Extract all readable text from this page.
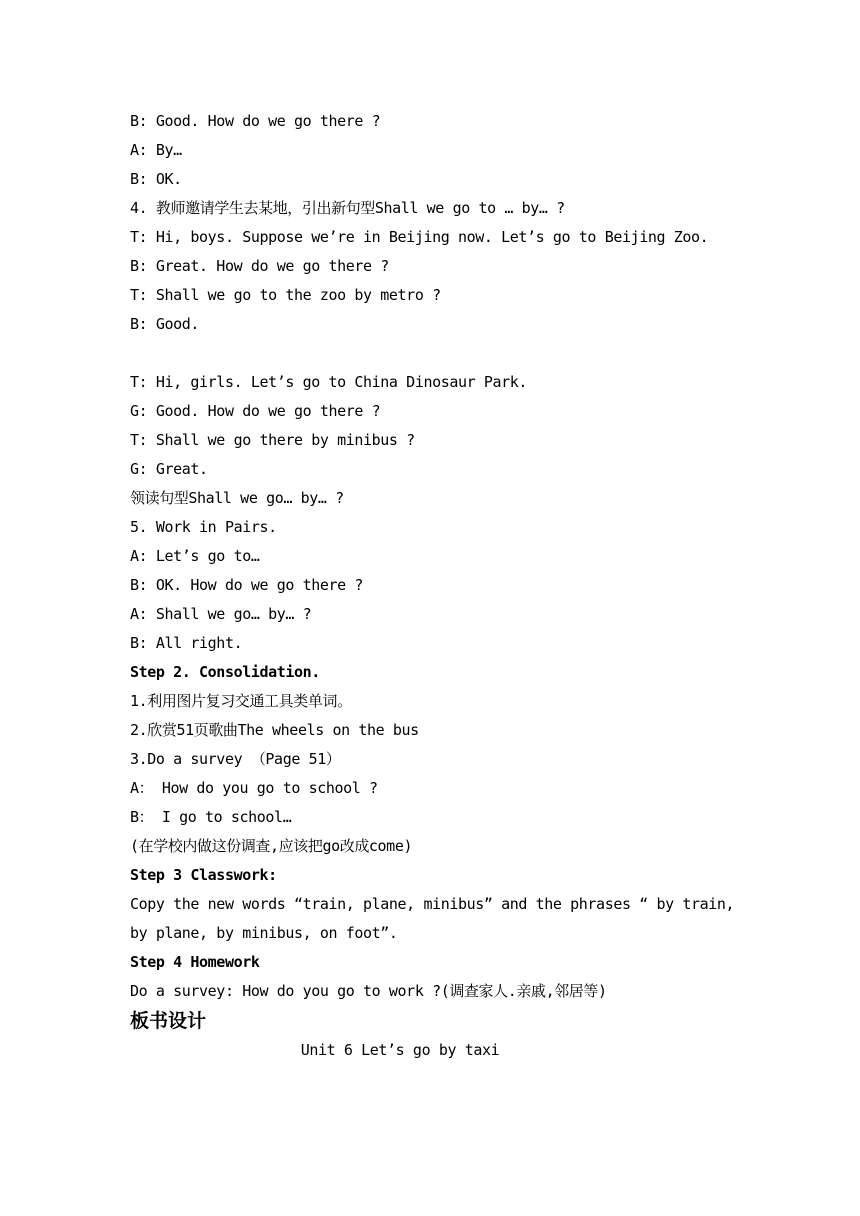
B: Good. How do we go there ?
A: By…
B: OK.
4. 教师邀请学生去某地，引出新句型Shall we go to … by… ?
T: Hi, boys. Suppose we’re in Beijing now. Let’s go to Beijing Zoo.
B: Great. How do we go there ?
T: Shall we go to the zoo by metro ?
B: Good.
T: Hi, girls. Let’s go to China Dinosaur Park.
G: Good. How do we go there ?
T: Shall we go there by minibus ?
G: Great.
领读句型Shall we go… by… ?
5. Work in Pairs.
A: Let’s go to…
B: OK. How do we go there ?
A: Shall we go… by… ?
B: All right.
Step 2. Consolidation.
1.利用图片复习交通工具类单词。
2.欣赏51页歌曲The wheels on the bus
3.Do a survey （Page 51）
A： How do you go to school ?
B： I go to school…
(在学校内做这份调查,应该把go改成come)
Step 3 Classwork:
Copy the new words “train, plane, minibus” and the phrases “ by train,
by plane, by minibus, on foot”.
Step 4 Homework
Do a survey: How do you go to work ?(调查家人.亲戚,邻居等)
板书设计
Unit 6 Let’s go by taxi
